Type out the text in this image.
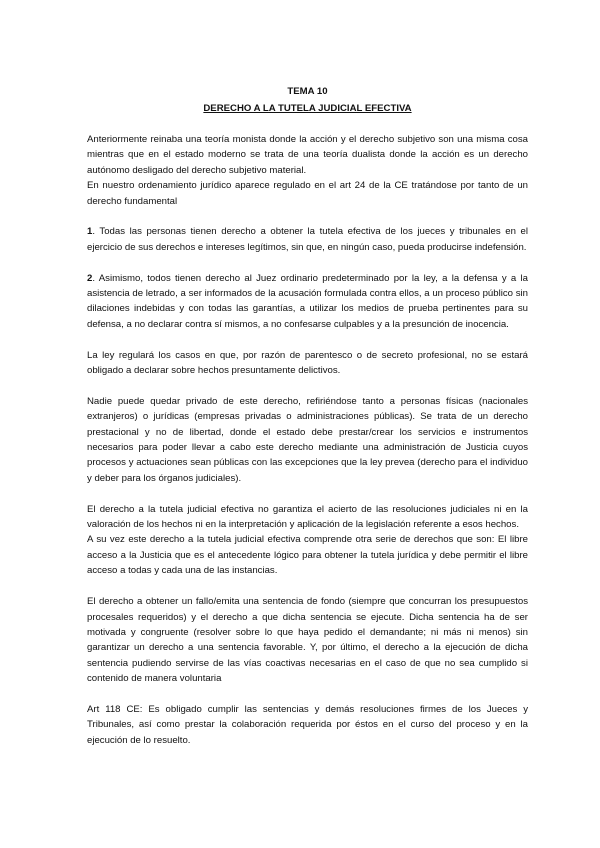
TEMA 10
DERECHO A LA TUTELA JUDICIAL EFECTIVA

Anteriormente reinaba una teoría monista donde la acción y el derecho subjetivo son una misma cosa mientras que en el estado moderno se trata de una teoría dualista donde la acción es un derecho autónomo desligado del derecho subjetivo material.

En nuestro ordenamiento jurídico aparece regulado en el art 24 de la CE tratándose por tanto de un derecho fundamental

1. Todas las personas tienen derecho a obtener la tutela efectiva de los jueces y tribunales en el ejercicio de sus derechos e intereses legítimos, sin que, en ningún caso, pueda producirse indefensión.

2. Asimismo, todos tienen derecho al Juez ordinario predeterminado por la ley, a la defensa y a la asistencia de letrado, a ser informados de la acusación formulada contra ellos, a un proceso público sin dilaciones indebidas y con todas las garantías, a utilizar los medios de prueba pertinentes para su defensa, a no declarar contra sí mismos, a no confesarse culpables y a la presunción de inocencia.

La ley regulará los casos en que, por razón de parentesco o de secreto profesional, no se estará obligado a declarar sobre hechos presuntamente delictivos.

Nadie puede quedar privado de este derecho, refiriéndose tanto a personas físicas (nacionales extranjeros) o jurídicas (empresas privadas o administraciones públicas). Se trata de un derecho prestacional y no de libertad, donde el estado debe prestar/crear los servicios e instrumentos necesarios para poder llevar a cabo este derecho mediante una administración de Justicia cuyos procesos y actuaciones sean públicas con las excepciones que la ley prevea (derecho para el individuo y deber para los órganos judiciales).

El derecho a la tutela judicial efectiva no garantiza el acierto de las resoluciones judiciales ni en la valoración de los hechos ni en la interpretación y aplicación de la legislación referente a esos hechos.

A su vez este derecho a la tutela judicial efectiva comprende otra serie de derechos que son: El libre acceso a la Justicia que es el antecedente lógico para obtener la tutela jurídica y debe permitir el libre acceso a todas y cada una de las instancias.

El derecho a obtener un fallo/emita una sentencia de fondo (siempre que concurran los presupuestos procesales requeridos) y el derecho a que dicha sentencia se ejecute. Dicha sentencia ha de ser motivada y congruente (resolver sobre lo que haya pedido el demandante; ni más ni menos) sin garantizar un derecho a una sentencia favorable. Y, por último, el derecho a la ejecución de dicha sentencia pudiendo servirse de las vías coactivas necesarias en el caso de que no sea cumplido si contenido de manera voluntaria

Art 118 CE: Es obligado cumplir las sentencias y demás resoluciones firmes de los Jueces y Tribunales, así como prestar la colaboración requerida por éstos en el curso del proceso y en la ejecución de lo resuelto.
